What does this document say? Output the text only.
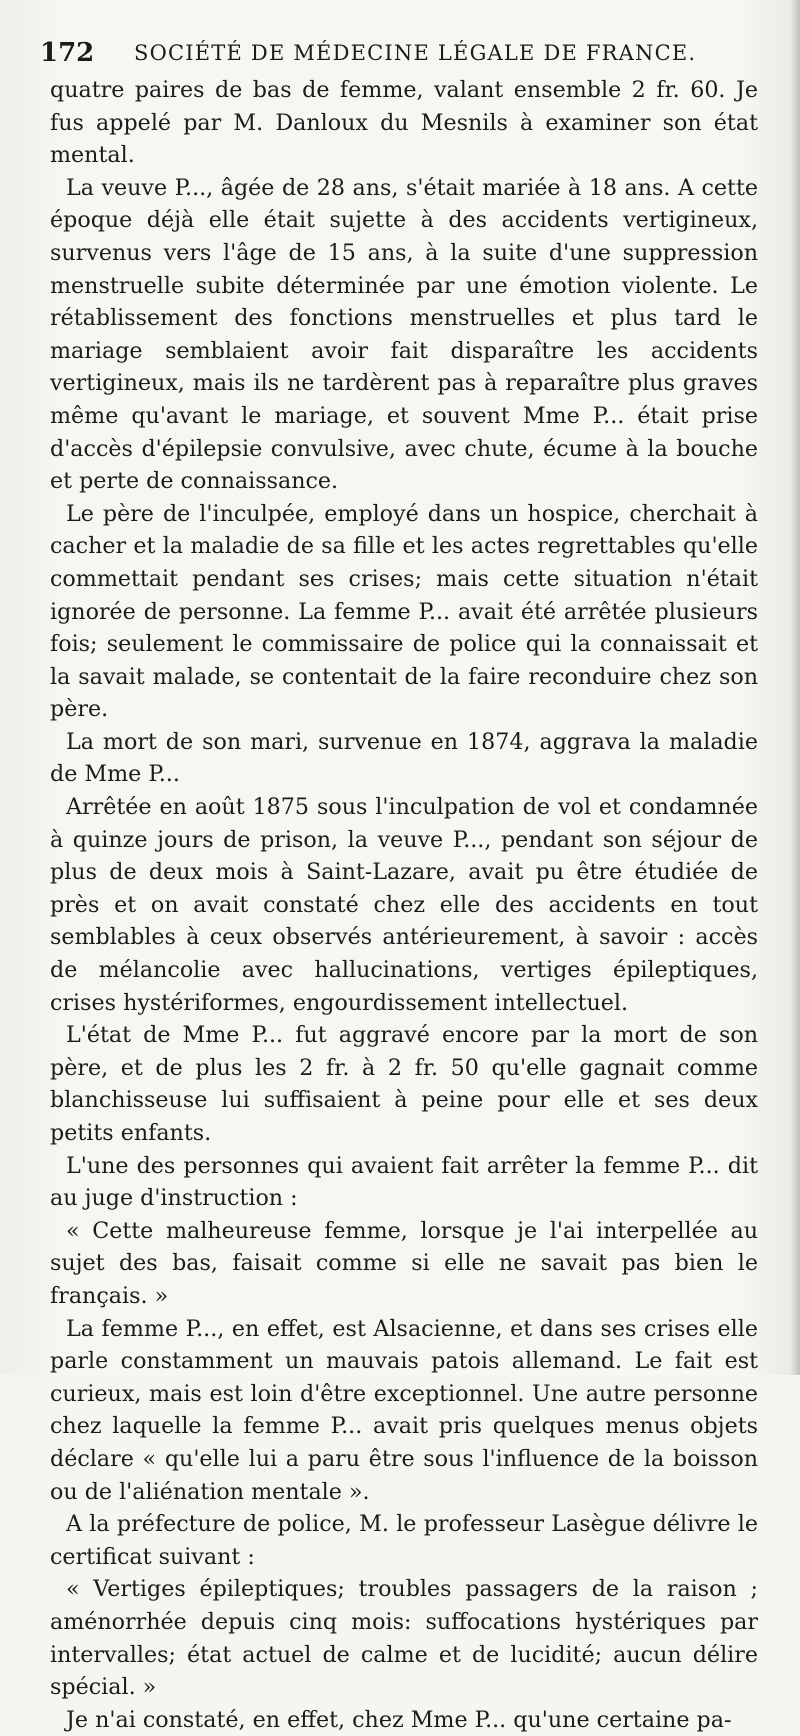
172 SOCIÉTÉ DE MÉDECINE LÉGALE DE FRANCE.

quatre paires de bas de femme, valant ensemble 2 fr. 60. Je fus appelé par M. Danloux du Mesnils à examiner son état mental.

La veuve P..., âgée de 28 ans, s'était mariée à 18 ans. A cette époque déjà elle était sujette à des accidents vertigineux, survenus vers l'âge de 15 ans, à la suite d'une suppression menstruelle subite déterminée par une émotion violente. Le rétablissement des fonctions menstruelles et plus tard le mariage semblaient avoir fait disparaître les accidents vertigineux, mais ils ne tardèrent pas à reparaître plus graves même qu'avant le mariage, et souvent Mme P... était prise d'accès d'épilepsie convulsive, avec chute, écume à la bouche et perte de connaissance.

Le père de l'inculpée, employé dans un hospice, cherchait à cacher et la maladie de sa fille et les actes regrettables qu'elle commettait pendant ses crises; mais cette situation n'était ignorée de personne. La femme P... avait été arrêtée plusieurs fois; seulement le commissaire de police qui la connaissait et la savait malade, se contentait de la faire reconduire chez son père.

La mort de son mari, survenue en 1874, aggrava la maladie de Mme P...

Arrêtée en août 1875 sous l'inculpation de vol et condamnée à quinze jours de prison, la veuve P..., pendant son séjour de plus de deux mois à Saint-Lazare, avait pu être étudiée de près et on avait constaté chez elle des accidents en tout semblables à ceux observés antérieurement, à savoir : accès de mélancolie avec hallucinations, vertiges épileptiques, crises hystériformes, engourdissement intellectuel.

L'état de Mme P... fut aggravé encore par la mort de son père, et de plus les 2 fr. à 2 fr. 50 qu'elle gagnait comme blanchisseuse lui suffisaient à peine pour elle et ses deux petits enfants.

L'une des personnes qui avaient fait arrêter la femme P... dit au juge d'instruction :

« Cette malheureuse femme, lorsque je l'ai interpellée au sujet des bas, faisait comme si elle ne savait pas bien le français. »

La femme P..., en effet, est Alsacienne, et dans ses crises elle parle constamment un mauvais patois allemand. Le fait est curieux, mais est loin d'être exceptionnel. Une autre personne chez laquelle la femme P... avait pris quelques menus objets déclare « qu'elle lui a paru être sous l'influence de la boisson ou de l'aliénation mentale ».

A la préfecture de police, M. le professeur Lasègue délivre le certificat suivant :

« Vertiges épileptiques; troubles passagers de la raison ; aménorrhée depuis cinq mois: suffocations hystériques par intervalles; état actuel de calme et de lucidité; aucun délire spécial. »

Je n'ai constaté, en effet, chez Mme P... qu'une certaine pa-
